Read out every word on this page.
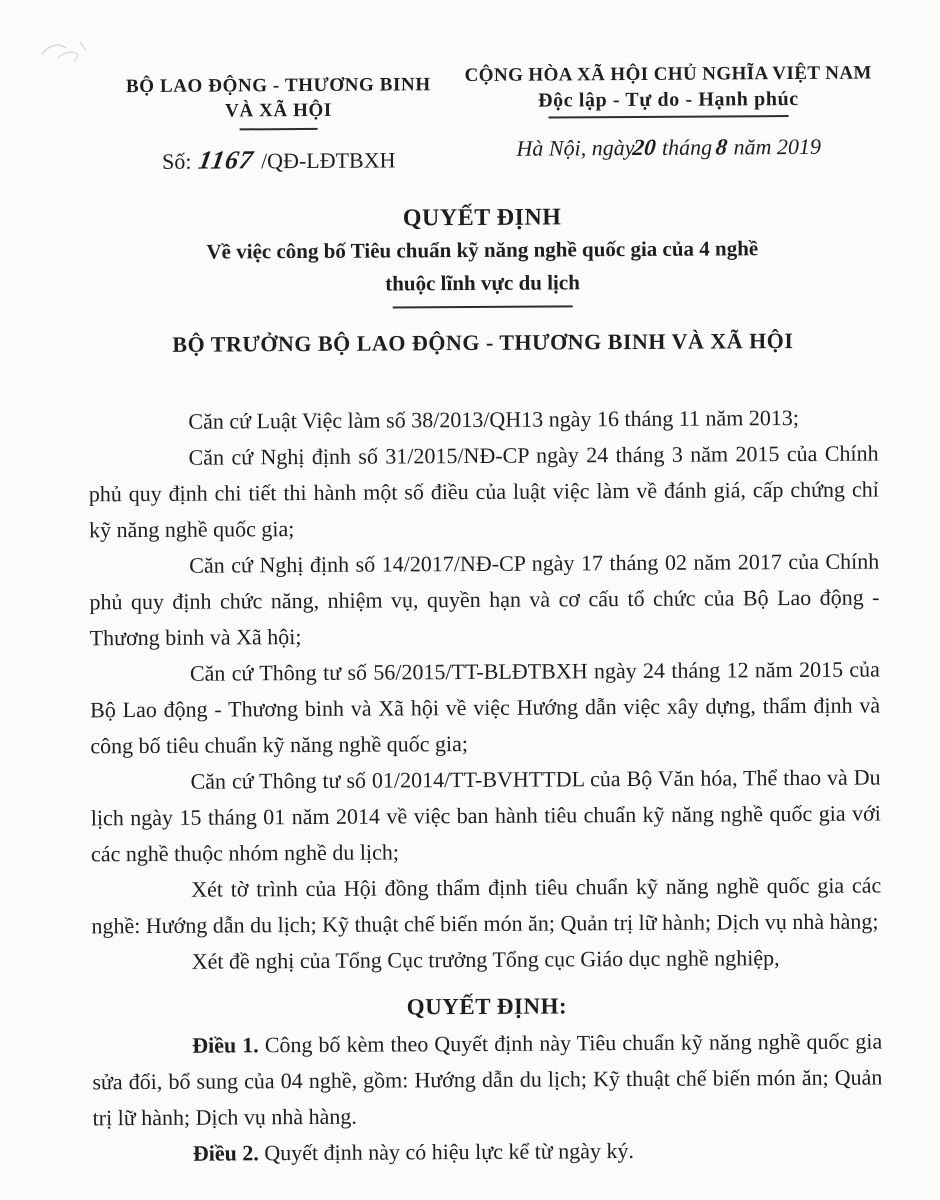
BỘ LAO ĐỘNG - THƯƠNG BINH
VÀ XÃ HỘI
Số: 1167 /QĐ-LĐTBXH
CỘNG HÒA XÃ HỘI CHỦ NGHĨA VIỆT NAM
Độc lập - Tự do - Hạnh phúc
Hà Nội, ngày20 tháng 8 năm 2019
QUYẾT ĐỊNH
Về việc công bố Tiêu chuẩn kỹ năng nghề quốc gia của 4 nghề
thuộc lĩnh vực du lịch
BỘ TRƯỞNG BỘ LAO ĐỘNG - THƯƠNG BINH VÀ XÃ HỘI

Căn cứ Luật Việc làm số 38/2013/QH13 ngày 16 tháng 11 năm 2013;

Căn cứ Nghị định số 31/2015/NĐ-CP ngày 24 tháng 3 năm 2015 của Chính phủ quy định chi tiết thi hành một số điều của luật việc làm về đánh giá, cấp chứng chỉ kỹ năng nghề quốc gia;

Căn cứ Nghị định số 14/2017/NĐ-CP ngày 17 tháng 02 năm 2017 của Chính phủ quy định chức năng, nhiệm vụ, quyền hạn và cơ cấu tổ chức của Bộ Lao động - Thương binh và Xã hội;

Căn cứ Thông tư số 56/2015/TT-BLĐTBXH ngày 24 tháng 12 năm 2015 của Bộ Lao động - Thương binh và Xã hội về việc Hướng dẫn việc xây dựng, thẩm định và công bố tiêu chuẩn kỹ năng nghề quốc gia;

Căn cứ Thông tư số 01/2014/TT-BVHTTDL của Bộ Văn hóa, Thể thao và Du lịch ngày 15 tháng 01 năm 2014 về việc ban hành tiêu chuẩn kỹ năng nghề quốc gia với các nghề thuộc nhóm nghề du lịch;

Xét tờ trình của Hội đồng thẩm định tiêu chuẩn kỹ năng nghề quốc gia các nghề: Hướng dẫn du lịch; Kỹ thuật chế biến món ăn; Quản trị lữ hành; Dịch vụ nhà hàng;

Xét đề nghị của Tổng Cục trưởng Tổng cục Giáo dục nghề nghiệp,

QUYẾT ĐỊNH:

Điều 1. Công bố kèm theo Quyết định này Tiêu chuẩn kỹ năng nghề quốc gia sửa đổi, bổ sung của 04 nghề, gồm: Hướng dẫn du lịch; Kỹ thuật chế biến món ăn; Quản trị lữ hành; Dịch vụ nhà hàng.

Điều 2. Quyết định này có hiệu lực kể từ ngày ký.
